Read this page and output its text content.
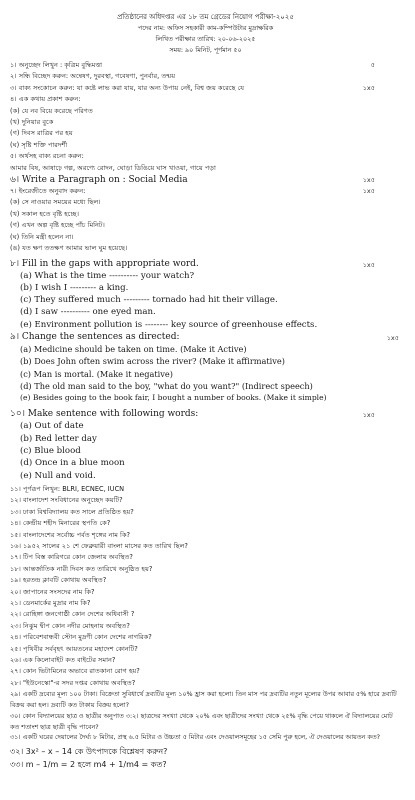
প্রতিষ্ঠানের অধিদপ্তর এর ১৮ তম গ্রেডের নিয়োগ পরীক্ষা-২০২৫
পদের নাম: অফিস সহকারী কাম-কম্পিউটার মুদ্রাক্ষরিক
লিখিত পরীক্ষার তারিখ: ২০-০৬-২০২৫
সময়: ৯০ মিনিট, পূর্ণমান ৫০
৫
১x৫
১x৫
১। অনুচ্ছেদ লিখুন : কৃত্রিম বুদ্ধিমত্তা
২। সন্ধি বিচ্ছেদ করুন: অন্বেষণ, দুরবস্থা, গবেষণা, পুনর্বার, তন্ময়
৩। বাক্য সংকোচন করুন: যা কষ্টে লাভ করা যায়, যার অন্য উপায় নেই, বিশ্ব জয় করেছে যে
৪। এক কথায় প্রকাশ করুন:
(ক) যে নব বিয়ে করেছে পরিণত
(খ) দুনিয়ার বুকে
(গ) দিবস রাত্রির পর হয়
(ঘ) সৃষ্টি শক্তি পারদর্শী
৫। অর্থসহ বাক্য রচনা করুন:
আমার বিষ, আষাঢ়ে গল্প, অরণ্যে রোদন, ঘোড়া ডিঙিয়ে ঘাস খাওয়া, গায়ে পড়া
৬। Write a Paragraph on : Social Media
১x৫
৭। ইংরেজীতে অনুবাদ করুন:
(ক) সে নাওয়ার সময়ের মধ্যে ছিল।
(খ) সকাল হতে বৃষ্টি হচ্ছে।
(গ) এখন অল্প বৃষ্টি হচ্ছে পাঁচ মিনিট।
(ঘ) তিনি মন্ত্রী হলেন না।
(ঙ) যত ক্ষণ ততক্ষণ আমার ভাল ঘুম হয়েছে।
১x৫
৮। Fill in the gaps with appropriate word.
(a) What is the time ---------- your watch?
(b) I wish I --------- a king.
(c) They suffered much --------- tornado had hit their village.
(d) I saw ---------- one eyed man.
(e) Environment pollution is -------- key source of greenhouse effects.
১x৫
৯। Change the sentences as directed:
(a) Medicine should be taken on time. (Make it Active)
(b) Does John often swim across the river? (Make it affirmative)
(c) Man is mortal. (Make it negative)
(d) The old man said to the boy, "what do you want?" (Indirect speech)
(e) Besides going to the book fair, I bought a number of books. (Make it simple)
১x৫
১০। Make sentence with following words:
(a) Out of date
(b) Red letter day
(c) Blue blood
(d) Once in a blue moon
(e) Null and void.
১১। পূর্ণরূপ লিখুন: BLRI, ECNEC, IUCN
১২। বাংলাদেশ সংবিধানের অনুচ্ছেদ কয়টি?
১৩। ঢাকা বিশ্ববিদ্যালয় কত সালে প্রতিষ্ঠিত হয়?
১৪। কেন্দ্রীয় শহীদ মিনারের স্থপতি কে?
১৫। বাংলাদেশের সর্বোচ্চ পর্বত শৃঙ্গের নাম কি?
১৬। ১৯৫২ সালের ২১ শে ফেব্রুয়ারী বাংলা মাসের কত তারিখ ছিল?
১৭। টিপ বিস্ত কারিগরে কোন জেলায় অবস্থিত?
১৮। আন্তর্জাতিক নারী দিবস কত তারিখে অনুষ্ঠিত হয়?
১৯। হরতন্দ্র ক্লাবটি কোথায় অবস্থিত?
২০। জাপানের সংসদের নাম কি?
২১। ডেনমার্কের মুদ্রার নাম কি?
২২। রোহিঙ্গা জনগোষ্ঠী কোন দেশের অধিবাসী ?
২৩। নিঝুম দ্বীপ কোন নদীর মোহনায় অবস্থিত?
২৪। পরিবেশবান্ধবী স্টোন মুদ্রণী কোন দেশের নাগরিক?
২৫। পৃথিবীর সর্ববৃহৎ আয়তনের মহাদেশ কোনটি?
২৬। এক কিলোবাইট কত বাইটের সমান?
২৭। কোন ভিটামিনের অভাবে রাতকানা রোগ হয়?
২৮। "ইউনেস্কো"-র সদর দপ্তর কোথায় অবস্থিত?
২৯। একটি দ্রব্যের মূল্য ১০০ টাকা। বিক্রেতা সুবিধার্থে দ্রব্যটির মূল্য ১০% হ্রাস করা হলো। তিন মাস পর দ্রব্যটির নতুন মূল্যের উপর আবার ৫% হারে দ্রব্যটি বিক্রয় করা হল। দ্রব্যটি কত টাকায় বিক্রয় হলো?
৩০। কোন বিদ্যালয়ের ছাত্র ও ছাত্রীর অনুপাত ৩:২। ছাত্রদের সংখ্যা থেকে ২০% এবং ছাত্রীদের সংখ্যা থেকে ২৫% বৃদ্ধি পেয়ে থাকলে ঐ বিদ্যালয়ের মোট কত শতাংশ ছাত্র ছাত্রী বৃদ্ধি পাবেন?
৩১। একটি ঘরের দেয়ালের দৈর্ঘ্য ৮ মিটার, প্রস্থ ৬.৫ মিটার ও উচ্চতা ৫ মিটার এবং দেওয়ালসমূহের ১৫ সেমি পুরু হলে, ঐ দেওয়ালের আয়তন কত?
৩২। 3x² – x – 14 কে উৎপাদকে বিশ্লেষণ করুন?
৩৩। m – 1/m = 2 হলে m4 + 1/m4 = কত?
